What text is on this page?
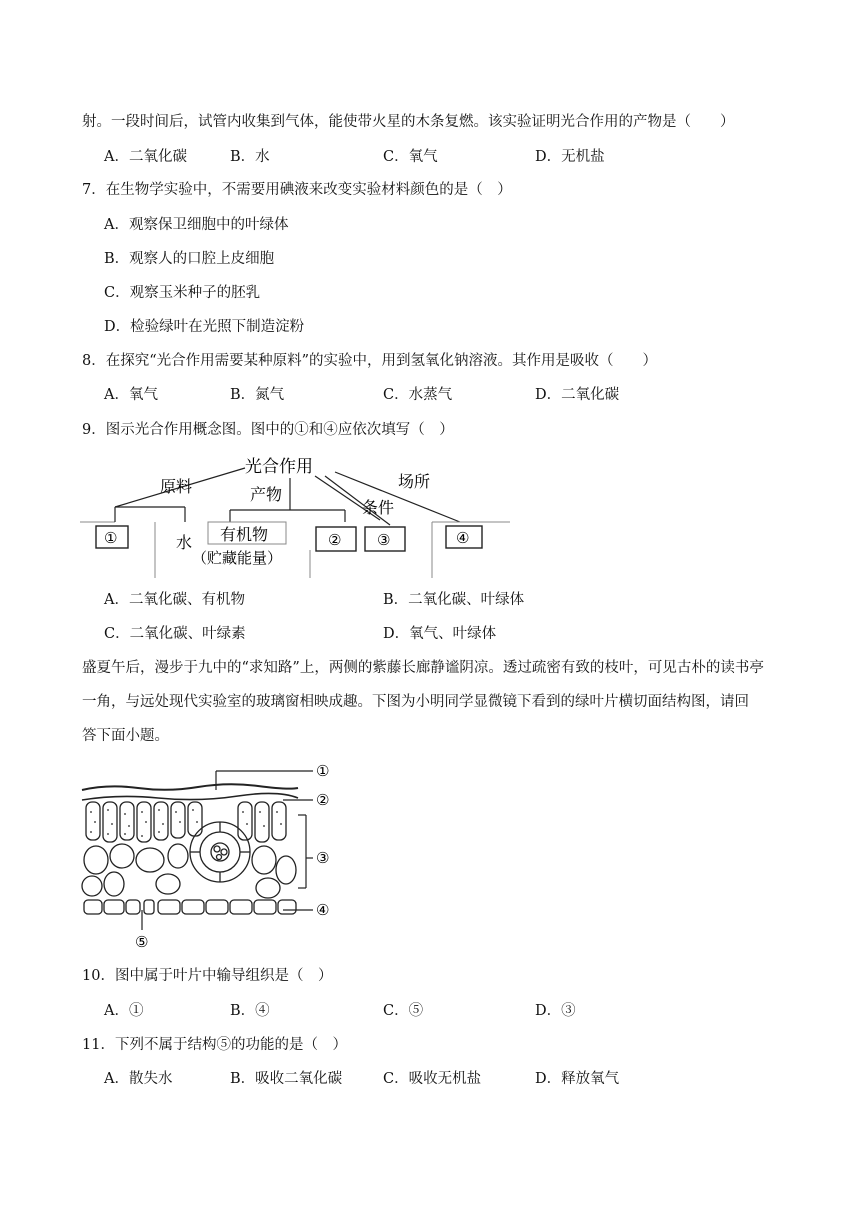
射。一段时间后，试管内收集到气体，能使带火星的木条复燃。该实验证明光合作用的产物是（　　）
A．二氧化碳	B．水	C．氧气	D．无机盐
7．在生物学实验中，不需要用碘液来改变实验材料颜色的是（　）
A．观察保卫细胞中的叶绿体
B．观察人的口腔上皮细胞
C．观察玉米种子的胚乳
D．检验绿叶在光照下制造淀粉
8．在探究“光合作用需要某种原料”的实验中，用到氢氧化钠溶液。其作用是吸收（　　）
A．氧气	B．氮气	C．水蒸气	D．二氧化碳
9．图示光合作用概念图。图中的①和④应依次填写（　）
光合作用
原料	产物
条件
场所
①	水 有机物
（贮藏能量）
② ③	④
A．二氧化碳、有机物	B．二氧化碳、叶绿体
C．二氧化碳、叶绿素	D．氧气、叶绿体
盛夏午后，漫步于九中的“求知路”上，两侧的紫藤长廊静谧阴凉。透过疏密有致的枝叶，可见古朴的读书亭
一角，与远处现代实验室的玻璃窗相映成趣。下图为小明同学显微镜下看到的绿叶片横切面结构图，请回
答下面小题。
①
②
③
④
⑤
10．图中属于叶片中输导组织是（　）
A．①	B．④	C．⑤	D．③
11．下列不属于结构⑤的功能的是（　）
A．散失水	B．吸收二氧化碳	C．吸收无机盐	D．释放氧气
